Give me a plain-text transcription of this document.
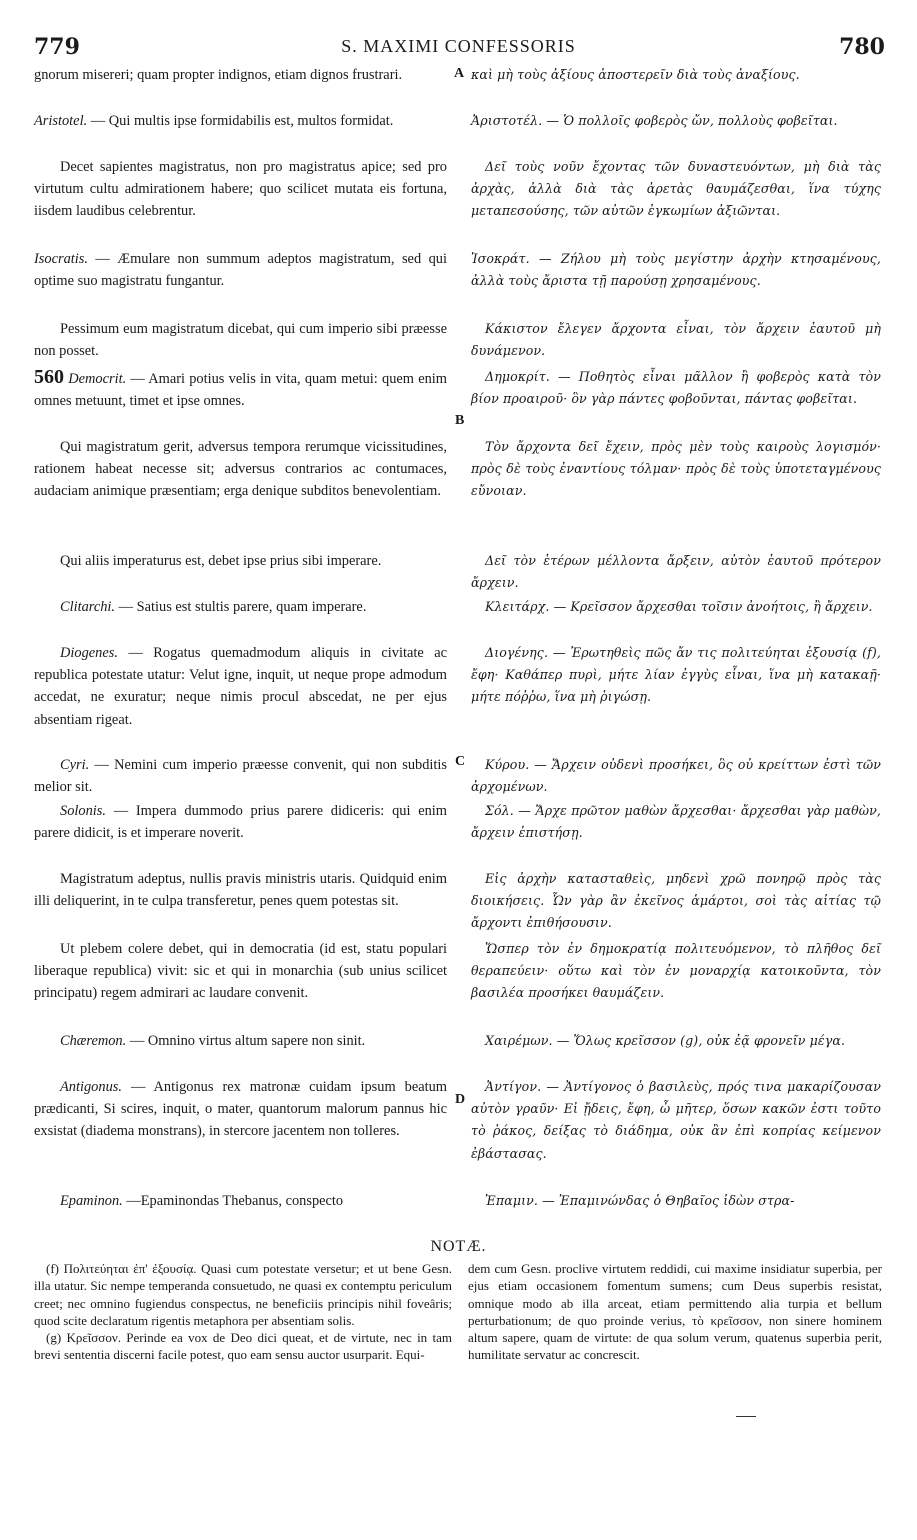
779	S. MAXIMI CONFESSORIS	780
A
B
C
D

gnorum misereri; quam propter indignos, etiam dignos frustrari.

Aristotel. — Qui multis ipse formidabilis est, multos formidat.

Decet sapientes magistratus, non pro magistratus apice; sed pro virtutum cultu admirationem habere; quo scilicet mutata eis fortuna, iisdem laudibus celebrentur.

Isocratis. — Æmulare non summum adeptos magistratum, sed qui optime suo magistratu fungantur.

Pessimum eum magistratum dicebat, qui cum imperio sibi præesse non posset.

560 Democrit. — Amari potius velis in vita, quam metui: quem enim omnes metuunt, timet et ipse omnes.

Qui magistratum gerit, adversus tempora rerumque vicissitudines, rationem habeat necesse sit; adversus contrarios ac contumaces, audaciam animique præsentiam; erga denique subditos benevolentiam.

Qui aliis imperaturus est, debet ipse prius sibi imperare.

Clitarchi. — Satius est stultis parere, quam imperare.

Diogenes. — Rogatus quemadmodum aliquis in civitate ac republica potestate utatur: Velut igne, inquit, ut neque prope admodum accedat, ne exuratur; neque nimis procul abscedat, ne per ejus absentiam rigeat.

Cyri. — Nemini cum imperio præesse convenit, qui non subditis melior sit.

Solonis. — Impera dummodo prius parere didiceris: qui enim parere didicit, is et imperare noverit.

Magistratum adeptus, nullis pravis ministris utaris. Quidquid enim illi deliquerint, in te culpa transferetur, penes quem potestas sit.

Ut plebem colere debet, qui in democratia (id est, statu populari liberaque republica) vivit: sic et qui in monarchia (sub unius scilicet principatu) regem admirari ac laudare convenit.

Chæremon. — Omnino virtus altum sapere non sinit.

Antigonus. — Antigonus rex matronæ cuidam ipsum beatum prædicanti, Si scires, inquit, o mater, quantorum malorum pannus hic exsistat (diadema monstrans), in stercore jacentem non tolleres.

Epaminon. —Epaminondas Thebanus, conspecto

καὶ μὴ τοὺς ἀξίους ἀποστερεῖν διὰ τοὺς ἀναξίους.

Ἀριστοτέλ. — Ὁ πολλοῖς φοβερὸς ὤν, πολλοὺς φοβεῖται.

Δεῖ τοὺς νοῦν ἔχοντας τῶν δυναστευόντων, μὴ διὰ τὰς ἀρχὰς, ἀλλὰ διὰ τὰς ἀρετὰς θαυμάζεσθαι, ἵνα τύχης μεταπεσούσης, τῶν αὐτῶν ἐγκωμίων ἀξιῶνται.

Ἰσοκράτ. — Ζήλου μὴ τοὺς μεγίστην ἀρχὴν κτησαμένους, ἀλλὰ τοὺς ἄριστα τῇ παρούσῃ χρησαμένους.

Κάκιστον ἔλεγεν ἄρχοντα εἶναι, τὸν ἄρχειν ἑαυτοῦ μὴ δυνάμενον.

Δημοκρίτ. — Ποθητὸς εἶναι μᾶλλον ἢ φοβερὸς κατὰ τὸν βίον προαιροῦ· ὃν γὰρ πάντες φοβοῦνται, πάντας φοβεῖται.

Τὸν ἄρχοντα δεῖ ἔχειν, πρὸς μὲν τοὺς καιροὺς λογισμόν· πρὸς δὲ τοὺς ἐναντίους τόλμαν· πρὸς δὲ τοὺς ὑποτεταγμένους εὔνοιαν.

Δεῖ τὸν ἑτέρων μέλλοντα ἄρξειν, αὐτὸν ἑαυτοῦ πρότερον ἄρχειν.

Κλειτάρχ. — Κρεῖσσον ἄρχεσθαι τοῖσιν ἀνοήτοις, ἢ ἄρχειν.

Διογένης. — Ἐρωτηθεὶς πῶς ἄν τις πολιτεύηται ἐξουσίᾳ (f), ἔφη· Καθάπερ πυρὶ, μήτε λίαν ἐγγὺς εἶναι, ἵνα μὴ κατακαῇ· μήτε πόῤῥω, ἵνα μὴ ῥιγώσῃ.

Κύρου. — Ἄρχειν οὐδενὶ προσήκει, ὃς οὐ κρείττων ἐστὶ τῶν ἀρχομένων.

Σόλ. — Ἄρχε πρῶτον μαθὼν ἄρχεσθαι· ἄρχεσθαι γὰρ μαθὼν, ἄρχειν ἐπιστήσῃ.

Εἰς ἀρχὴν κατασταθεὶς, μηδενὶ χρῶ πονηρῷ πρὸς τὰς διοικήσεις. Ὧν γὰρ ἂν ἐκεῖνος ἁμάρτοι, σοὶ τὰς αἰτίας τῷ ἄρχοντι ἐπιθήσουσιν.

Ὥσπερ τὸν ἐν δημοκρατίᾳ πολιτευόμενον, τὸ πλῆθος δεῖ θεραπεύειν· οὕτω καὶ τὸν ἐν μοναρχίᾳ κατοικοῦντα, τὸν βασιλέα προσήκει θαυμάζειν.

Χαιρέμων. — Ὅλως κρεῖσσον (g), οὐκ ἐᾷ φρονεῖν μέγα.

Ἀντίγον. — Ἀντίγονος ὁ βασιλεὺς, πρός τινα μακαρίζουσαν αὐτὸν γραῦν· Εἰ ᾔδεις, ἔφη, ὦ μῆτερ, ὅσων κακῶν ἐστι τοῦτο τὸ ῥάκος, δείξας τὸ διάδημα, οὐκ ἂν ἐπὶ κοπρίας κείμενον ἐβάστασας.

Ἐπαμιν. — Ἐπαμινώνδας ὁ Θηβαῖος ἰδὼν στρα-

NOTÆ.

(f) Πολιτεύηται ἐπ' ἐξουσίᾳ. Quasi cum potestate versetur; et ut bene Gesn. illa utatur. Sic nempe temperanda consuetudo, ne quasi ex contemptu periculum creet; nec omnino fugiendus conspectus, ne beneficiis principis nihil foveâris; quod scite declaratum rigentis metaphora per absentiam solis.

(g) Κρεῖσσον. Perinde ea vox de Deo dici queat, et de virtute, nec in tam brevi sententia discerni facile potest, quo eam sensu auctor usurparit. Equi-

dem cum Gesn. proclive virtutem reddidi, cui maxime insidiatur superbia, per ejus etiam occasionem fomentum sumens; cum Deus superbis resistat, omnique modo ab illa arceat, etiam permittendo alia turpia et bellum perturbationum; de quo proinde verius, τὸ κρεῖσσον, non sinere hominem altum sapere, quam de virtute: de qua solum verum, quatenus superbia perit, humilitate servatur ac concrescit.
